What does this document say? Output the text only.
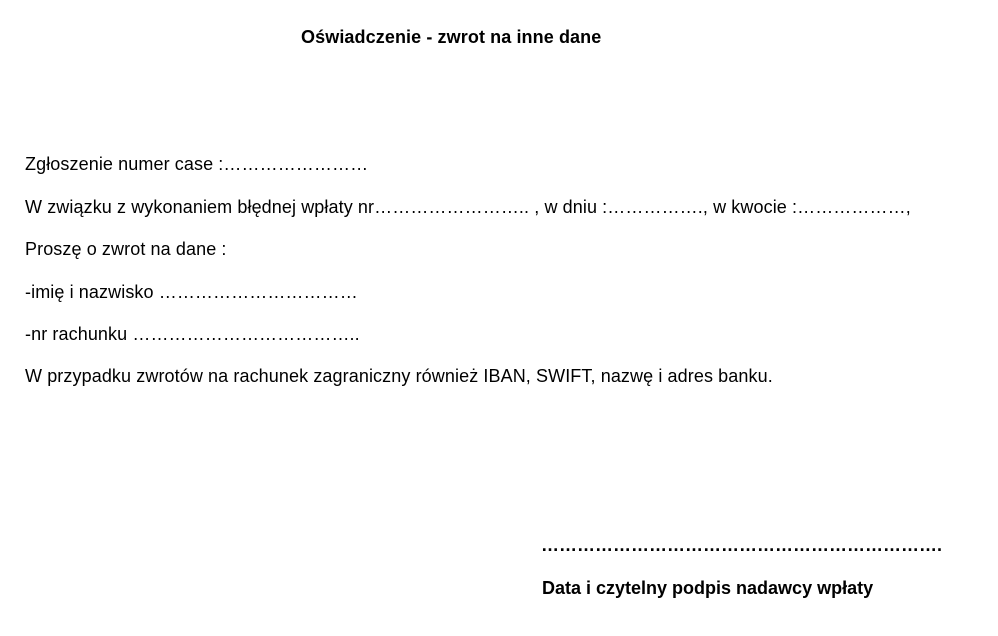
Oświadczenie - zwrot na inne dane
Zgłoszenie numer case :……………………
W związku z wykonaniem błędnej wpłaty nr…………………….. , w dniu :……………., w kwocie :………………,
Proszę o zwrot na dane :
-imię i nazwisko ……………………………
-nr rachunku ………………………………..
W przypadku zwrotów na rachunek zagraniczny również IBAN, SWIFT, nazwę i adres banku.
………………………………………………………….
Data i czytelny podpis nadawcy wpłaty
